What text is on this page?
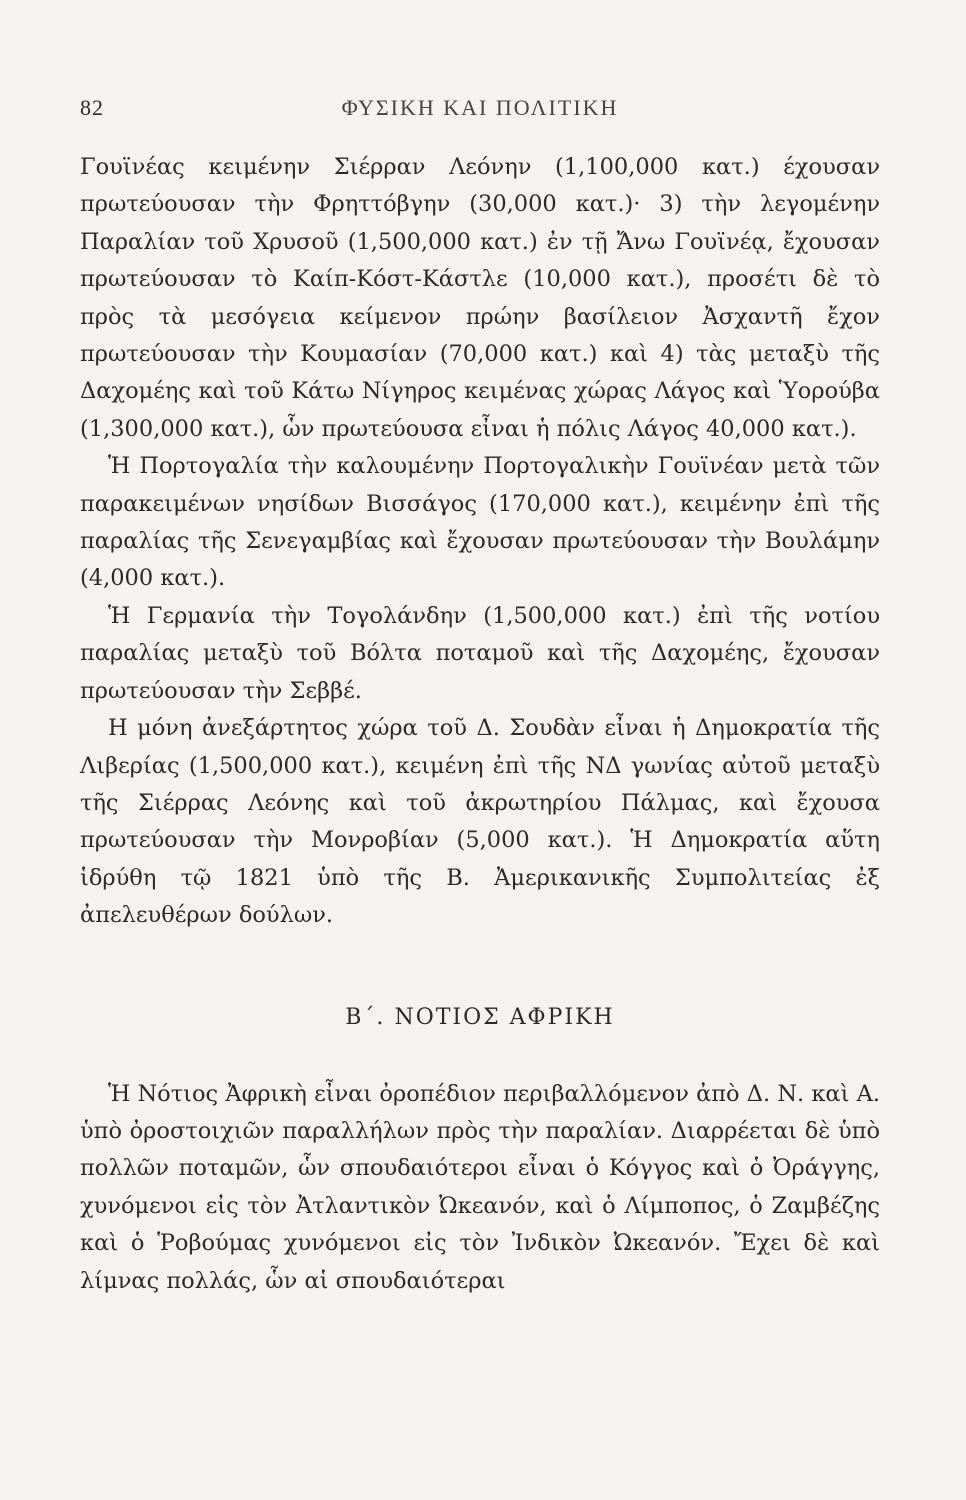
82	ΦΥΣΙΚΗ ΚΑΙ ΠΟΛΙΤΙΚΗ

Γουϊνέας κειμένην Σιέρραν Λεόνην (1,100,000 κατ.) έχουσαν πρωτεύουσαν τὴν Φρηττόβγην (30,000 κατ.)· 3) τὴν λεγομένην Παραλίαν τοῦ Χρυσοῦ (1,500,000 κατ.) ἐν τῇ Ἄνω Γουϊνέᾳ, ἔχουσαν πρωτεύουσαν τὸ Καίπ-Κόστ-Κάστλε (10,000 κατ.), προσέτι δὲ τὸ πρὸς τὰ μεσόγεια κείμενον πρώην βασίλειον Ἀσχαντῆ ἔχον πρωτεύουσαν τὴν Κουμασίαν (70,000 κατ.) καὶ 4) τὰς μεταξὺ τῆς Δαχομέης καὶ τοῦ Κάτω Νίγηρος κειμένας χώρας Λάγος καὶ Ὑορούβα (1,300,000 κατ.), ὧν πρωτεύουσα εἶναι ἡ πόλις Λάγος 40,000 κατ.).

Ἡ Πορτογαλία τὴν καλουμένην Πορτογαλικὴν Γουϊνέαν μετὰ τῶν παρακειμένων νησίδων Βισσάγος (170,000 κατ.), κειμένην ἐπὶ τῆς παραλίας τῆς Σενεγαμβίας καὶ ἔχουσαν πρωτεύουσαν τὴν Βουλάμην (4,000 κατ.).

Ἡ Γερμανία τὴν Τογολάνδην (1,500,000 κατ.) ἐπὶ τῆς νοτίου παραλίας μεταξὺ τοῦ Βόλτα ποταμοῦ καὶ τῆς Δαχομέης, ἔχουσαν πρωτεύουσαν τὴν Σεββέ.

Η μόνη ἀνεξάρτητος χώρα τοῦ Δ. Σουδὰν εἶναι ἡ Δημοκρατία τῆς Λιβερίας (1,500,000 κατ.), κειμένη ἐπὶ τῆς ΝΔ γωνίας αὐτοῦ μεταξὺ τῆς Σιέρρας Λεόνης καὶ τοῦ ἀκρωτηρίου Πάλμας, καὶ ἔχουσα πρωτεύουσαν τὴν Μονροβίαν (5,000 κατ.). Ἡ Δημοκρατία αὕτη ἱδρύθη τῷ 1821 ὑπὸ τῆς Β. Ἀμερικανικῆς Συμπολιτείας ἐξ ἀπελευθέρων δούλων.

Β΄. ΝΟΤΙΟΣ ΑΦΡΙΚΗ

Ἡ Νότιος Ἀφρικὴ εἶναι ὀροπέδιον περιβαλλόμενον ἀπὸ Δ. Ν. καὶ Α. ὑπὸ ὀροστοιχιῶν παραλλήλων πρὸς τὴν παραλίαν. Διαρρέεται δὲ ὑπὸ πολλῶν ποταμῶν, ὧν σπουδαιότεροι εἶναι ὁ Κόγγος καὶ ὁ Ὀράγγης, χυνόμενοι εἰς τὸν Ἀτλαντικὸν Ὠκεανόν, καὶ ὁ Λίμποπος, ὁ Ζαμβέζης καὶ ὁ Ῥοβούμας χυνόμενοι εἰς τὸν Ἰνδικὸν Ὠκεανόν. Ἔχει δὲ καὶ λίμνας πολλάς, ὧν αἱ σπουδαιότεραι
